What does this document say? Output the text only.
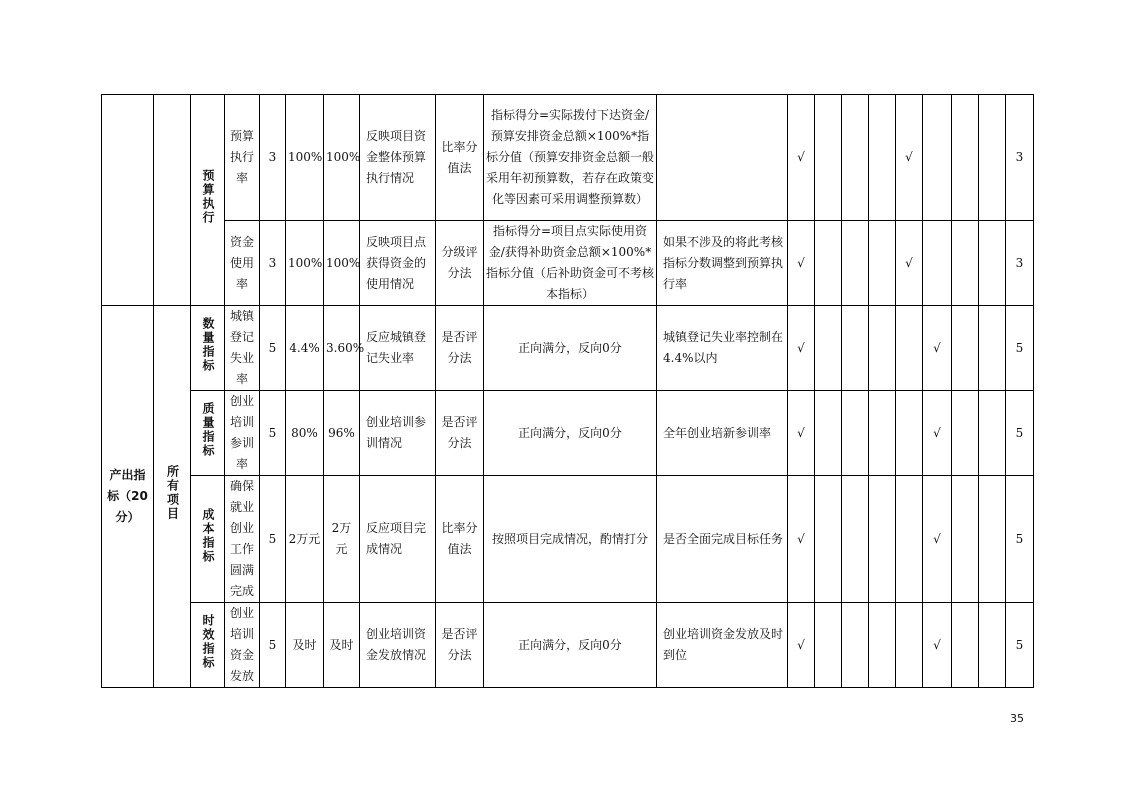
		预算执行	预算执行率	3	100%	100%	反映项目资金整体预算执行情况	比率分值法	指标得分=实际拨付下达资金/预算安排资金总额×100%*指标分值（预算安排资金总额一般采用年初预算数，若存在政策变化等因素可采用调整预算数）		√				√				3
			资金使用率	3	100%	100%	反映项目点获得资金的使用情况	分级评分法	指标得分=项目点实际使用资金/获得补助资金总额×100%*指标分值（后补助资金可不考核本指标）	如果不涉及的将此考核指标分数调整到预算执行率	√				√				3
产出指标（20分）	所有项目	数量指标	城镇登记失业率	5	4.4%	3.60%	反应城镇登记失业率	是否评分法	正向满分，反向0分	城镇登记失业率控制在4.4%以内	√					√			5
		质量指标	创业培训参训率	5	80%	96%	创业培训参训情况	是否评分法	正向满分，反向0分	全年创业培新参训率	√					√			5
		成本指标	确保就业创业工作圆满完成	5	2万元	2万元	反应项目完成情况	比率分值法	按照项目完成情况，酌情打分	是否全面完成目标任务	√					√			5
		时效指标	创业培训资金发放	5	及时	及时	创业培训资金发放情况	是否评分法	正向满分，反向0分	创业培训资金发放及时到位	√					√			5
35
